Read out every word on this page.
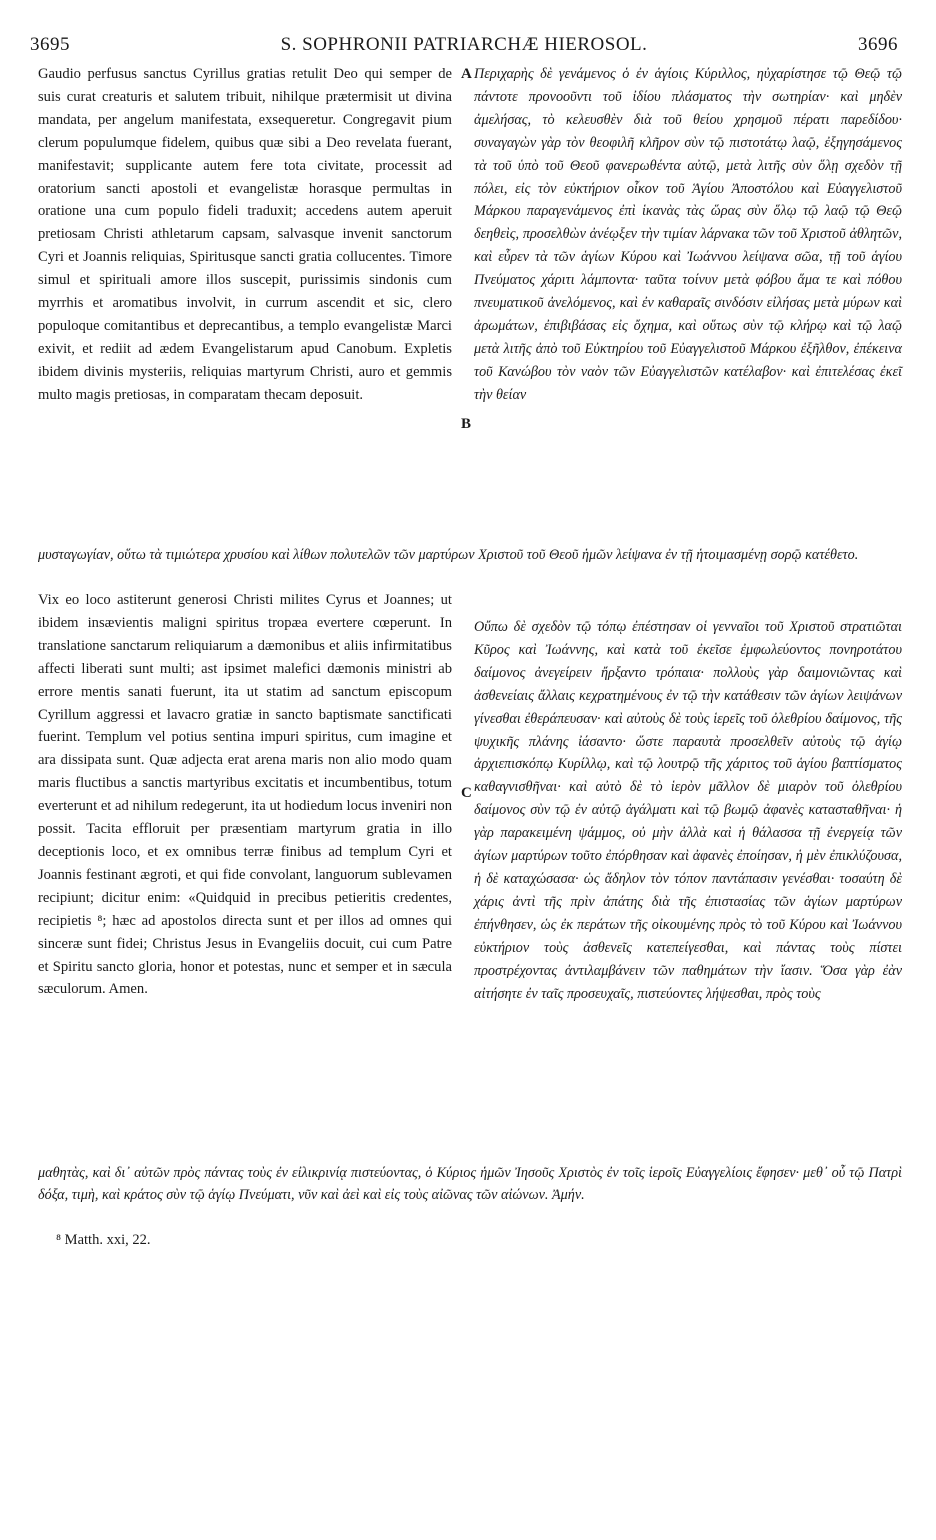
3695	S. SOPHRONII PATRIARCHÆ HIEROSOL.	3696

Gaudio perfusus sanctus Cyrillus gratias retulit Deo qui semper de suis curat creaturis et salutem tribuit, nihilque prætermisit ut divina mandata, per angelum manifestata, exsequeretur. Congregavit pium clerum populumque fidelem, quibus quæ sibi a Deo revelata fuerant, manifestavit; supplicante autem fere tota civitate, processit ad oratorium sancti apostoli et evangelistæ horasque permultas in oratione una cum populo fideli traduxit; accedens autem aperuit pretiosam Christi athletarum capsam, salvasque invenit sanctorum Cyri et Joannis reliquias, Spiritusque sancti gratia collucentes. Timore simul et spirituali amore illos suscepit, purissimis sindonis cum myrrhis et aromatibus involvit, in currum ascendit et sic, clero populoque comitantibus et deprecantibus, a templo evangelistæ Marci exivit, et rediit ad ædem Evangelistarum apud Canobum. Expletis ibidem divinis mysteriis, reliquias martyrum Christi, auro et gemmis multo magis pretiosas, in comparatam thecam deposuit.

A
B
C

Περιχαρὴς δὲ γενάμενος ὁ ἐν ἁγίοις Κύριλλος, ηὐχαρίστησε τῷ Θεῷ τῷ πάντοτε προνοοῦντι τοῦ ἰδίου πλάσματος τὴν σωτηρίαν· καὶ μηδὲν ἀμελήσας, τὸ κελευσθὲν διὰ τοῦ θείου χρησμοῦ πέρατι παρεδίδου· συναγαγὼν γὰρ τὸν θεοφιλῆ κλῆρον σὺν τῷ πιστοτάτῳ λαῷ, ἐξηγησάμενος τὰ τοῦ ὑπὸ τοῦ Θεοῦ φανερωθέντα αὐτῷ, μετὰ λιτῆς σὺν ὅλῃ σχεδὸν τῇ πόλει, εἰς τὸν εὐκτήριον οἶκον τοῦ Ἁγίου Ἀποστόλου καὶ Εὐαγγελιστοῦ Μάρκου παραγενάμενος ἐπὶ ἱκανὰς τὰς ὥρας σὺν ὅλῳ τῷ λαῷ τῷ Θεῷ δεηθεὶς, προσελθὼν ἀνέῳξεν τὴν τιμίαν λάρνακα τῶν τοῦ Χριστοῦ ἀθλητῶν, καὶ εὗρεν τὰ τῶν ἁγίων Κύρου καὶ Ἰωάννου λείψανα σῶα, τῇ τοῦ ἁγίου Πνεύματος χάριτι λάμποντα· ταῦτα τοίνυν μετὰ φόβου ἅμα τε καὶ πόθου πνευματικοῦ ἀνελόμενος, καὶ ἐν καθαραῖς σινδόσιν εἰλήσας μετὰ μύρων καὶ ἀρωμάτων, ἐπιβιβάσας εἰς ὄχημα, καὶ οὕτως σὺν τῷ κλήρῳ καὶ τῷ λαῷ μετὰ λιτῆς ἀπὸ τοῦ Εὐκτηρίου τοῦ Εὐαγγελιστοῦ Μάρκου ἐξῆλθον, ἐπέκεινα τοῦ Κανώβου τὸν ναὸν τῶν Εὐαγγελιστῶν κατέλαβον· καὶ ἐπιτελέσας ἐκεῖ τὴν θείαν

μυσταγωγίαν, οὕτω τὰ τιμιώτερα χρυσίου καὶ λίθων πολυτελῶν τῶν μαρτύρων Χριστοῦ τοῦ Θεοῦ ἡμῶν λείψανα ἐν τῇ ἡτοιμασμένῃ σορῷ κατέθετο.

Vix eo loco astiterunt generosi Christi milites Cyrus et Joannes; ut ibidem insævientis maligni spiritus tropæa evertere cœperunt. In translatione sanctarum reliquiarum a dæmonibus et aliis infirmitatibus affecti liberati sunt multi; ast ipsimet malefici dæmonis ministri ab errore mentis sanati fuerunt, ita ut statim ad sanctum episcopum Cyrillum aggressi et lavacro gratiæ in sancto baptismate sanctificati fuerint. Templum vel potius sentina impuri spiritus, cum imagine et ara dissipata sunt. Quæ adjecta erat arena maris non alio modo quam maris fluctibus a sanctis martyribus excitatis et incumbentibus, totum everterunt et ad nihilum redegerunt, ita ut hodiedum locus inveniri non possit. Tacita effloruit per præsentiam martyrum gratia in illo deceptionis loco, et ex omnibus terræ finibus ad templum Cyri et Joannis festinant ægroti, et qui fide convolant, languorum sublevamen recipiunt; dicitur enim: «Quidquid in precibus petieritis credentes, recipietis ⁸; hæc ad apostolos directa sunt et per illos ad omnes qui sinceræ sunt fidei; Christus Jesus in Evangeliis docuit, cui cum Patre et Spiritu sancto gloria, honor et potestas, nunc et semper et in sæcula sæculorum. Amen.

Οὔπω δὲ σχεδὸν τῷ τόπῳ ἐπέστησαν οἱ γενναῖοι τοῦ Χριστοῦ στρατιῶται Κῦρος καὶ Ἰωάννης, καὶ κατὰ τοῦ ἐκεῖσε ἐμφωλεύοντος πονηροτάτου δαίμονος ἀνεγείρειν ἤρξαντο τρόπαια· πολλοὺς γὰρ δαιμονιῶντας καὶ ἀσθενείαις ἄλλαις κεχρατημένους ἐν τῷ τὴν κατάθεσιν τῶν ἁγίων λειψάνων γίνεσθαι ἐθεράπευσαν· καὶ αὐτοὺς δὲ τοὺς ἱερεῖς τοῦ ὀλεθρίου δαίμονος, τῆς ψυχικῆς πλάνης ἰάσαντο· ὥστε παραυτὰ προσελθεῖν αὐτοὺς τῷ ἁγίῳ ἀρχιεπισκόπῳ Κυρίλλῳ, καὶ τῷ λουτρῷ τῆς χάριτος τοῦ ἁγίου βαπτίσματος καθαγνισθῆναι· καὶ αὐτὸ δὲ τὸ ἱερὸν μᾶλλον δὲ μιαρὸν τοῦ ὀλεθρίου δαίμονος σὺν τῷ ἐν αὐτῷ ἀγάλματι καὶ τῷ βωμῷ ἀφανὲς κατασταθῆναι· ἡ γὰρ παρακειμένη ψάμμος, οὐ μὴν ἀλλὰ καὶ ἡ θάλασσα τῇ ἐνεργείᾳ τῶν ἁγίων μαρτύρων τοῦτο ἐπόρθησαν καὶ ἀφανὲς ἐποίησαν, ἡ μὲν ἐπικλύζουσα, ἡ δὲ καταχώσασα· ὡς ἄδηλον τὸν τόπον παντάπασιν γενέσθαι· τοσαύτη δὲ χάρις ἀντὶ τῆς πρὶν ἀπάτης διὰ τῆς ἐπιστασίας τῶν ἁγίων μαρτύρων ἐπήνθησεν, ὡς ἐκ περάτων τῆς οἰκουμένης πρὸς τὸ τοῦ Κύρου καὶ Ἰωάννου εὐκτήριον τοὺς ἀσθενεῖς κατεπείγεσθαι, καὶ πάντας τοὺς πίστει προστρέχοντας ἀντιλαμβάνειν τῶν παθημάτων τὴν ἴασιν. Ὅσα γὰρ ἐὰν αἰτήσητε ἐν ταῖς προσευχαῖς, πιστεύοντες λήψεσθαι, πρὸς τοὺς

μαθητὰς, καὶ δι᾽ αὐτῶν πρὸς πάντας τοὺς ἐν εἰλικρινίᾳ πιστεύοντας, ὁ Κύριος ἡμῶν Ἰησοῦς Χριστὸς ἐν τοῖς ἱεροῖς Εὐαγγελίοις ἔφησεν· μεθ᾽ οὗ τῷ Πατρὶ δόξα, τιμὴ, καὶ κράτος σὺν τῷ ἁγίῳ Πνεύματι, νῦν καὶ ἀεὶ καὶ εἰς τοὺς αἰῶνας τῶν αἰώνων. Ἀμήν.

⁸ Matth. xxi, 22.
